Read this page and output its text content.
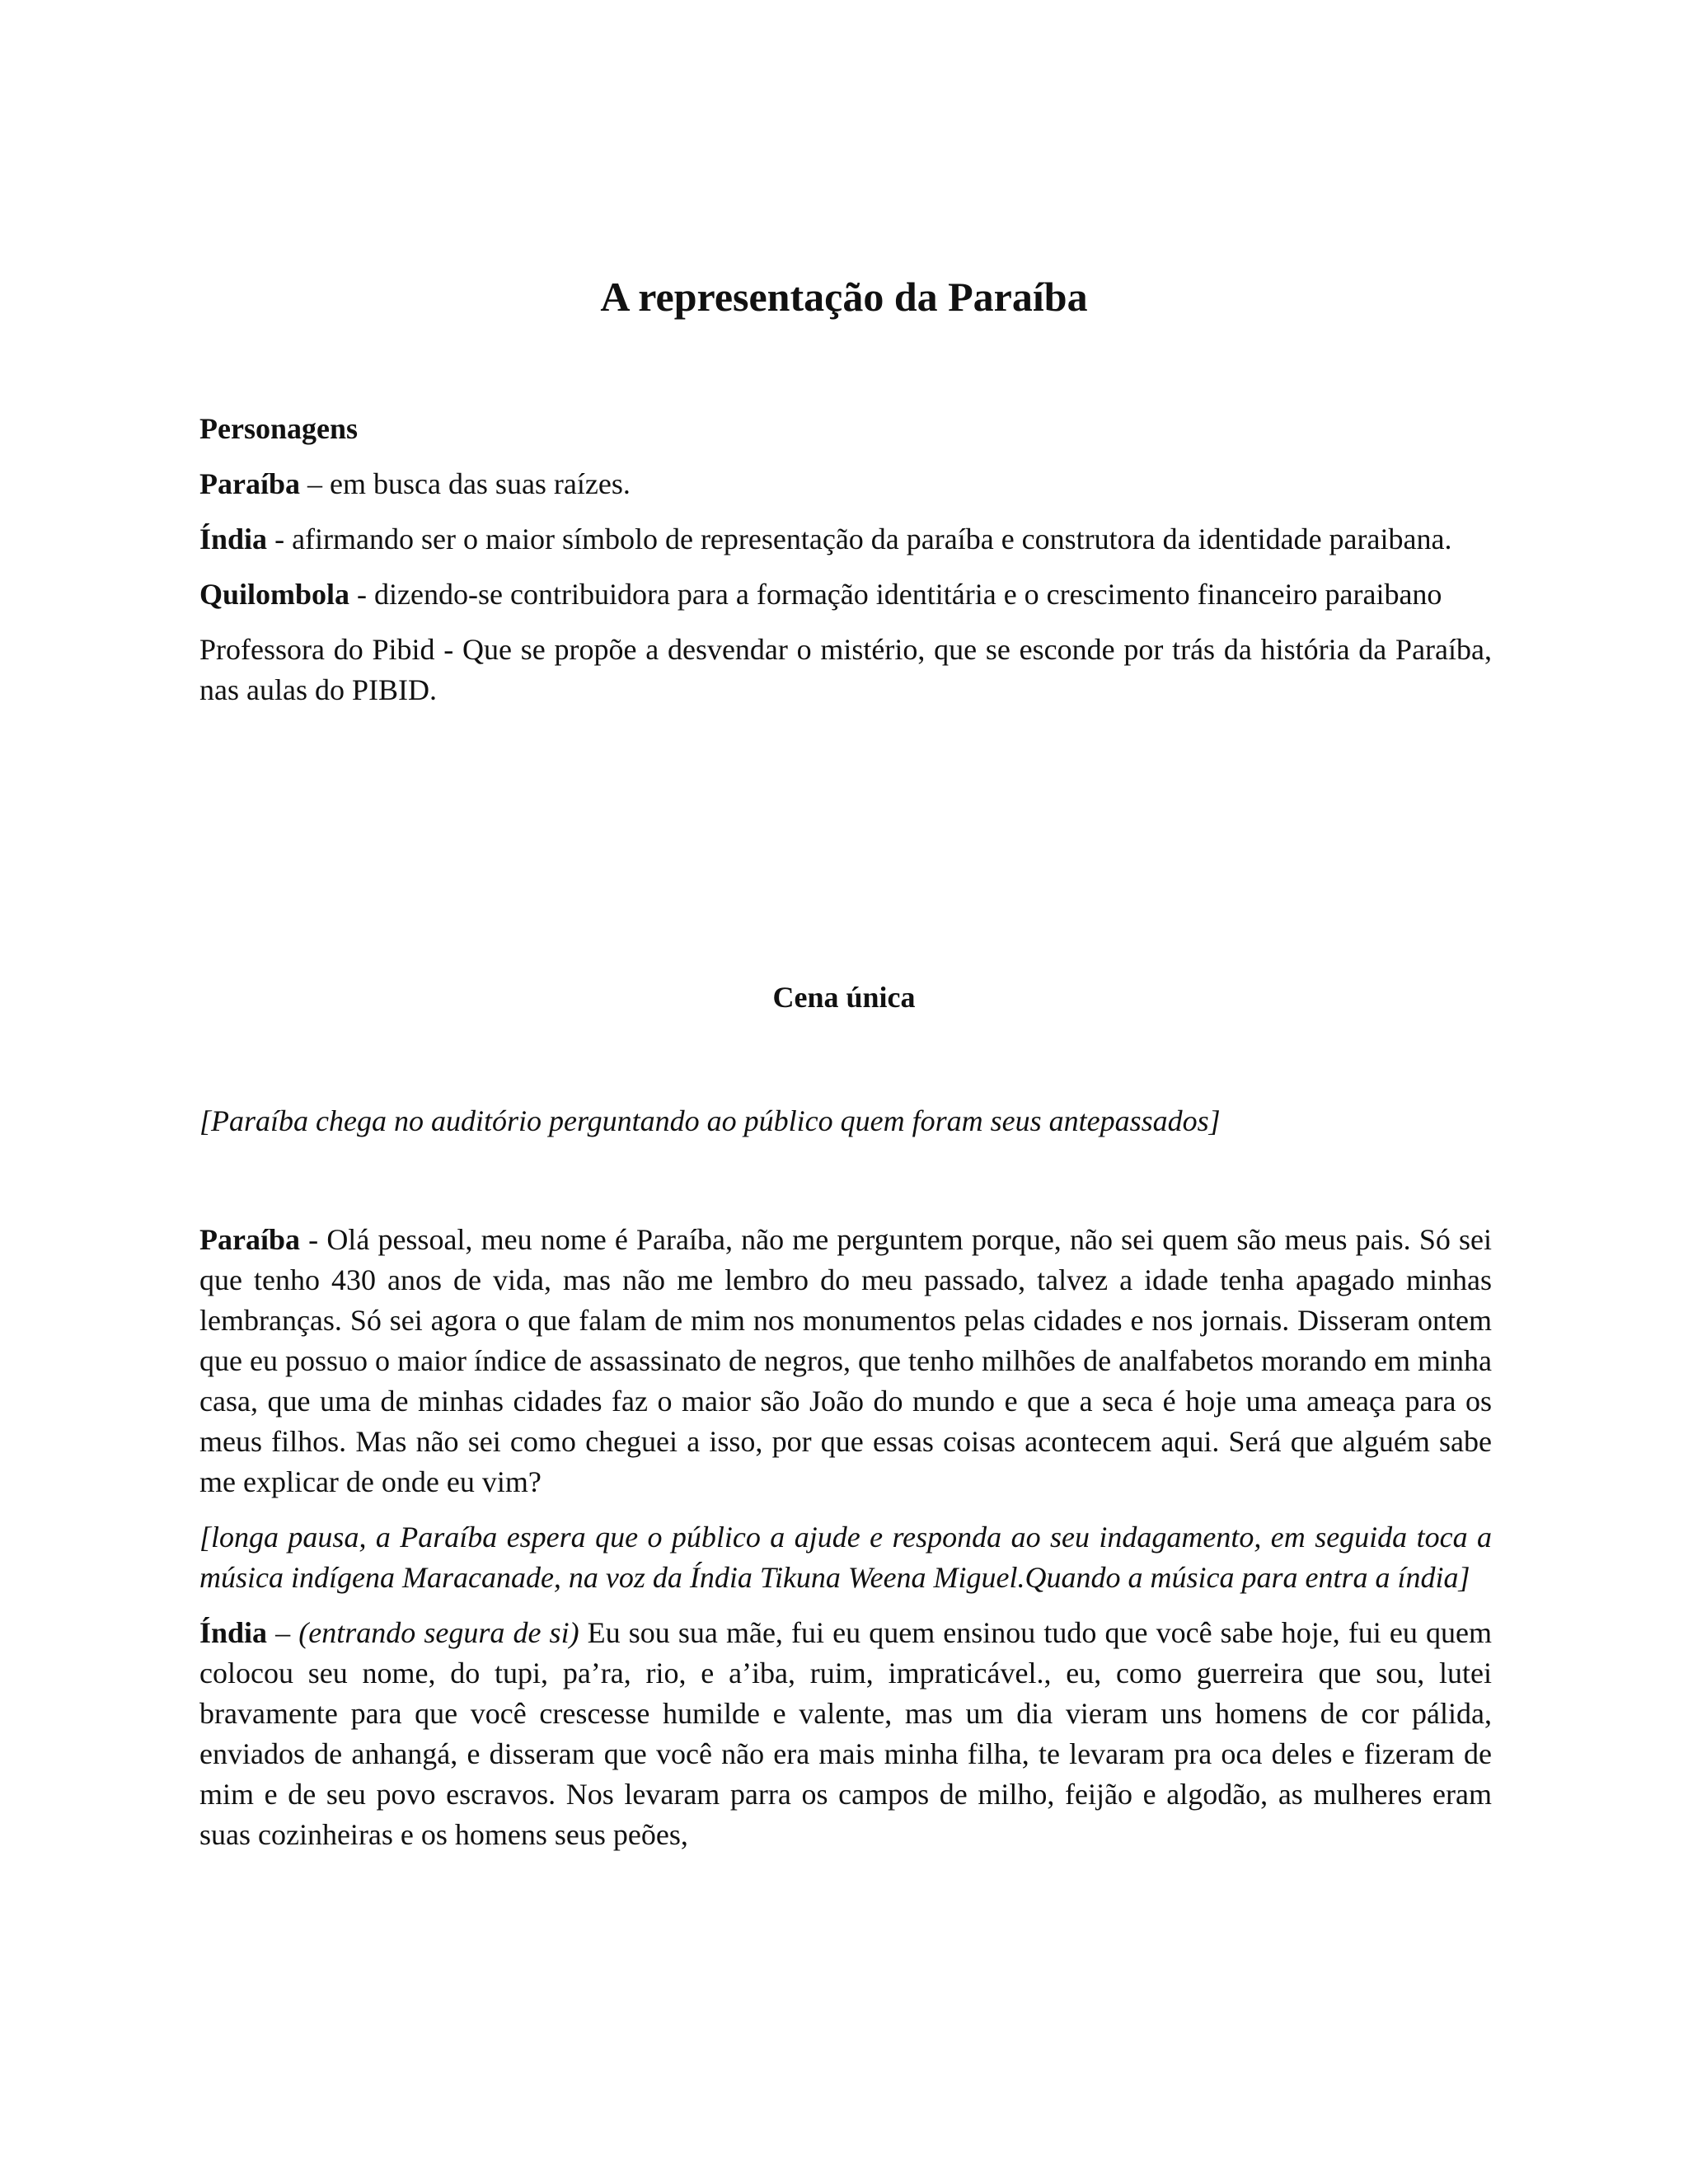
A representação da Paraíba

Personagens

Paraíba – em busca das suas raízes.

Índia - afirmando ser o maior símbolo de representação da paraíba e construtora da identidade paraibana.

Quilombola - dizendo-se contribuidora para a formação identitária e o crescimento financeiro paraibano

Professora do Pibid - Que se propõe a desvendar o mistério, que se esconde por trás da história da Paraíba, nas aulas do PIBID.

Cena única
[Paraíba chega no auditório perguntando ao público quem foram seus antepassados]

Paraíba - Olá pessoal, meu nome é Paraíba, não me perguntem porque, não sei quem são meus pais. Só sei que tenho 430 anos de vida, mas não me lembro do meu passado, talvez a idade tenha apagado minhas lembranças. Só sei agora o que falam de mim nos monumentos pelas cidades e nos jornais. Disseram ontem que eu possuo o maior índice de assassinato de negros, que tenho milhões de analfabetos morando em minha casa, que uma de minhas cidades faz o maior são João do mundo e que a seca é hoje uma ameaça para os meus filhos. Mas não sei como cheguei a isso, por que essas coisas acontecem aqui. Será que alguém sabe me explicar de onde eu vim?

[longa pausa, a Paraíba espera que o público a ajude e responda ao seu indagamento, em seguida toca a música indígena Maracanade, na voz da Índia Tikuna Weena Miguel.Quando a música para entra a índia]

Índia – (entrando segura de si) Eu sou sua mãe, fui eu quem ensinou tudo que você sabe hoje, fui eu quem colocou seu nome, do tupi, pa’ra, rio, e a’iba, ruim, impraticável., eu, como guerreira que sou, lutei bravamente para que você crescesse humilde e valente, mas um dia vieram uns homens de cor pálida, enviados de anhangá, e disseram que você não era mais minha filha, te levaram pra oca deles e fizeram de mim e de seu povo escravos. Nos levaram parra os campos de milho, feijão e algodão, as mulheres eram suas cozinheiras e os homens seus peões,
